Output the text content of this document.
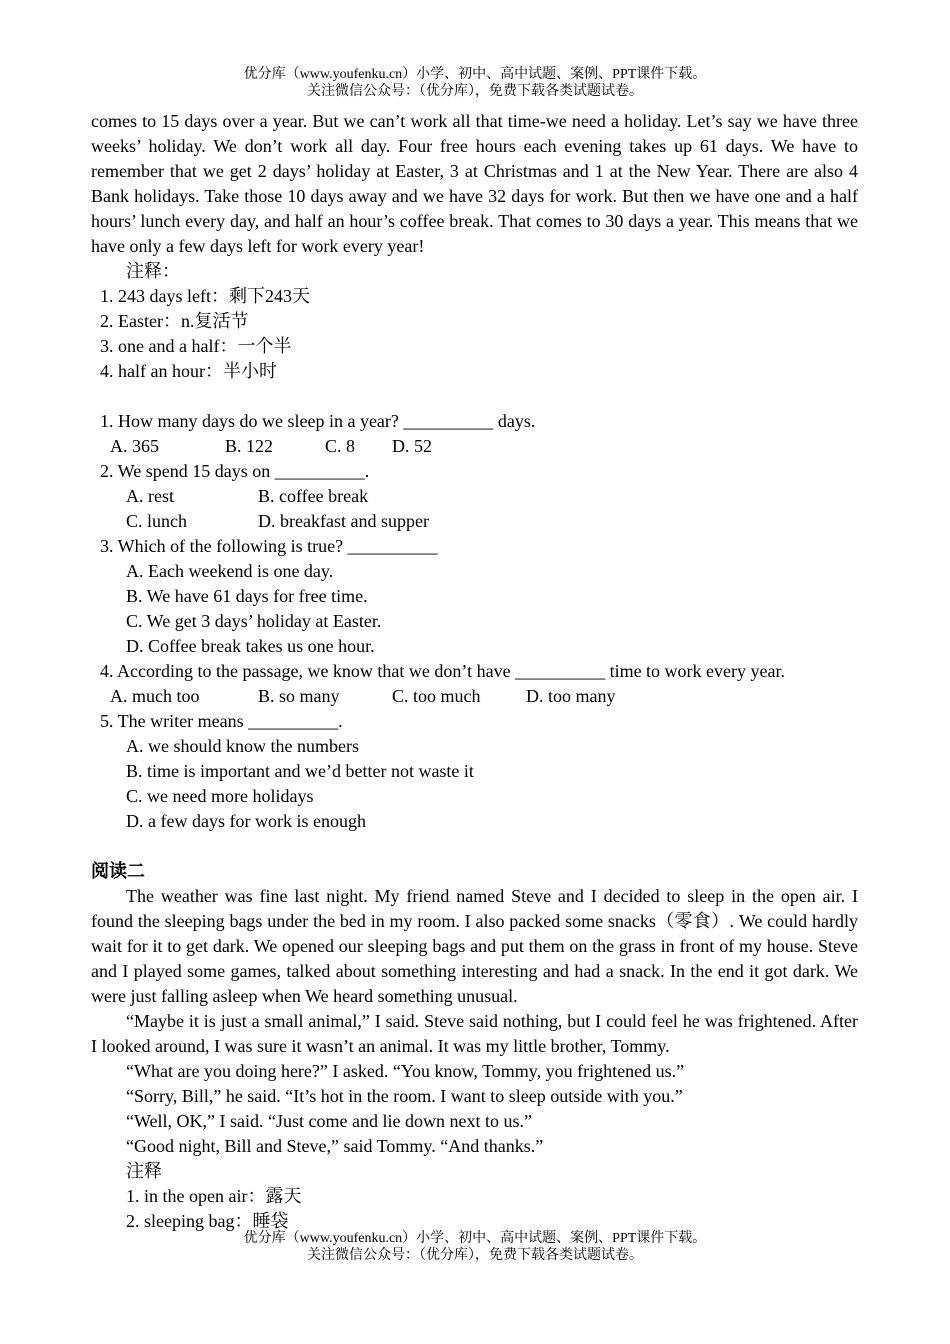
优分库（www.youfenku.cn）小学、初中、高中试题、案例、PPT课件下载。
关注微信公众号：（优分库），免费下载各类试题试卷。

comes to 15 days over a year. But we can’t work all that time-we need a holiday. Let’s say we have three weeks’ holiday. We don’t work all day. Four free hours each evening takes up 61 days. We have to remember that we get 2 days’ holiday at Easter, 3 at Christmas and 1 at the New Year. There are also 4 Bank holidays. Take those 10 days away and we have 32 days for work. But then we have one and a half hours’ lunch every day, and half an hour’s coffee break. That comes to 30 days a year. This means that we have only a few days left for work every year!

注释：

1. 243 days left：剩下243天

2. Easter：n.复活节

3. one and a half：一个半

4. half an hour：半小时

1. How many days do we sleep in a year? __________ days.

A. 365	B. 122	C. 8	D. 52

2. We spend 15 days on __________.

A. rest	B. coffee break
C. lunch	D. breakfast and supper

3. Which of the following is true? __________

A. Each weekend is one day.

B. We have 61 days for free time.

C. We get 3 days’ holiday at Easter.

D. Coffee break takes us one hour.

4. According to the passage, we know that we don’t have __________ time to work every year.

A. much too	B. so many	C. too much	D. too many

5. The writer means __________.

A. we should know the numbers

B. time is important and we’d better not waste it

C. we need more holidays

D. a few days for work is enough

阅读二

The weather was fine last night. My friend named Steve and I decided to sleep in the open air. I found the sleeping bags under the bed in my room. I also packed some snacks（零食）. We could hardly wait for it to get dark. We opened our sleeping bags and put them on the grass in front of my house. Steve and I played some games, talked about something interesting and had a snack. In the end it got dark. We were just falling asleep when We heard something unusual.

“Maybe it is just a small animal,” I said. Steve said nothing, but I could feel he was frightened. After I looked around, I was sure it wasn’t an animal. It was my little brother, Tommy.

“What are you doing here?” I asked. “You know, Tommy, you frightened us.”

“Sorry, Bill,” he said. “It’s hot in the room. I want to sleep outside with you.”

“Well, OK,” I said. “Just come and lie down next to us.”

“Good night, Bill and Steve,” said Tommy. “And thanks.”

注释

1. in the open air：露天

2. sleeping bag：睡袋

优分库（www.youfenku.cn）小学、初中、高中试题、案例、PPT课件下载。
关注微信公众号：（优分库），免费下载各类试题试卷。
